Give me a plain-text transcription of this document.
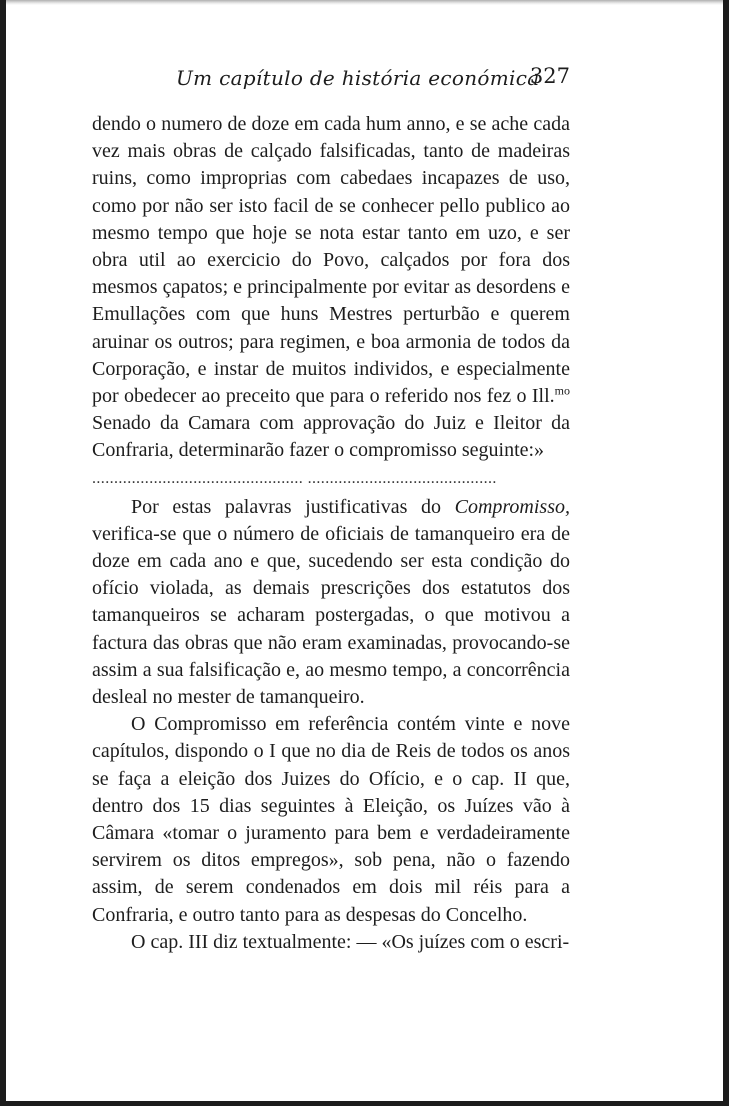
Um capítulo de história económica
327

dendo o numero de doze em cada hum anno, e se ache cada vez mais obras de calçado falsificadas, tanto de madeiras ruins, como improprias com cabedaes incapazes de uso, como por não ser isto facil de se conhecer pello publico ao mesmo tempo que hoje se nota estar tanto em uzo, e ser obra util ao exercicio do Povo, calçados por fora dos mesmos çapatos; e principalmente por evitar as desordens e Emullações com que huns Mestres perturbão e querem aruinar os outros; para regimen, e boa armonia de todos da Corporação, e instar de muitos individos, e especialmente por obedecer ao preceito que para o referido nos fez o Ill.$^{mo}$ Senado da Camara com approvação do Juiz e Ileitor da Confraria, determinarão fazer o compromisso seguinte:»

................................................ ...........................................

Por estas palavras justificativas do Compromisso, verifica-se que o número de oficiais de tamanqueiro era de doze em cada ano e que, sucedendo ser esta condição do ofício violada, as demais prescrições dos estatutos dos tamanqueiros se acharam postergadas, o que motivou a factura das obras que não eram examinadas, provocando-se assim a sua falsificação e, ao mesmo tempo, a concorrência desleal no mester de tamanqueiro.

O Compromisso em referência contém vinte e nove capítulos, dispondo o I que no dia de Reis de todos os anos se faça a eleição dos Juizes do Ofício, e o cap. II que, dentro dos 15 dias seguintes à Eleição, os Juízes vão à Câmara «tomar o juramento para bem e verdadeiramente servirem os ditos empregos», sob pena, não o fazendo assim, de serem condenados em dois mil réis para a Confraria, e outro tanto para as despesas do Concelho.

O cap. III diz textualmente: — «Os juízes com o escri-
